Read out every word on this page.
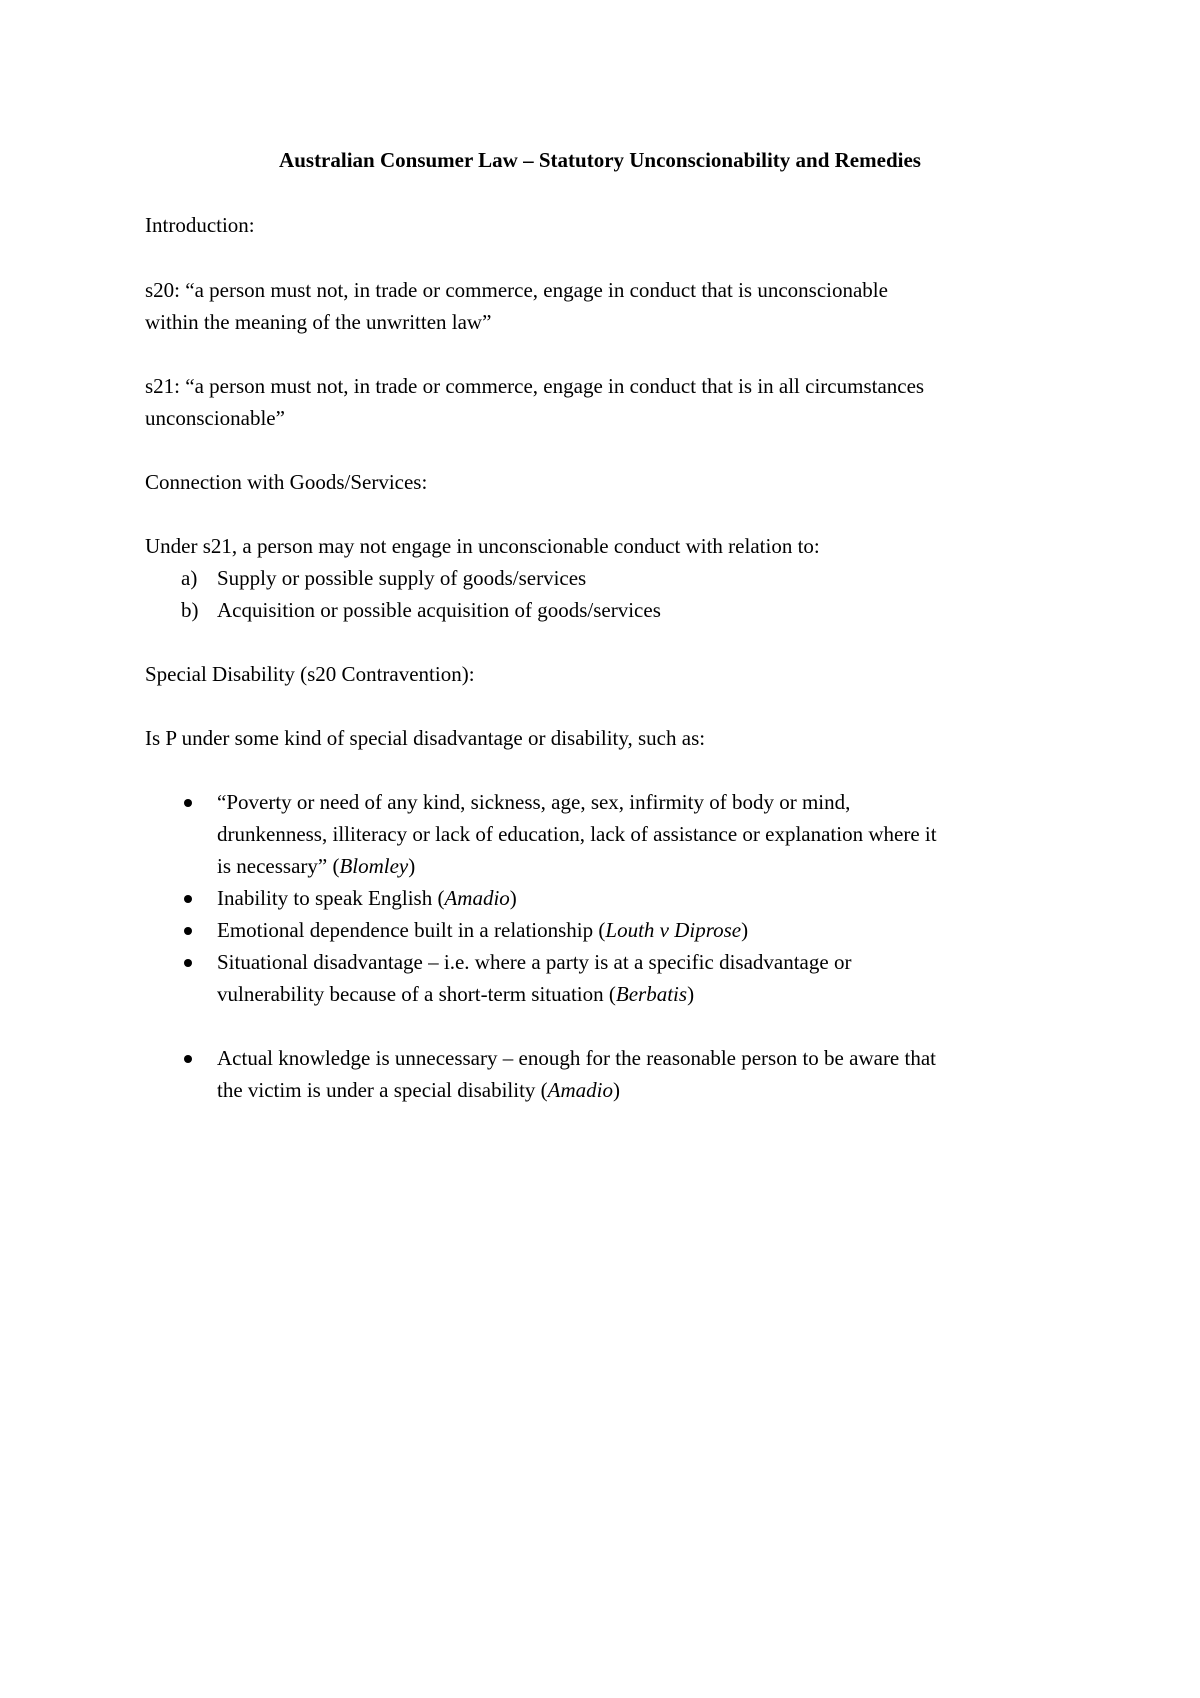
Australian Consumer Law – Statutory Unconscionability and Remedies
Introduction:
s20: “a person must not, in trade or commerce, engage in conduct that is unconscionable
within the meaning of the unwritten law”
s21: “a person must not, in trade or commerce, engage in conduct that is in all circumstances
unconscionable”
Connection with Goods/Services:
Under s21, a person may not engage in unconscionable conduct with relation to:
a) Supply or possible supply of goods/services
b) Acquisition or possible acquisition of goods/services
Special Disability (s20 Contravention):
Is P under some kind of special disadvantage or disability, such as:
“Poverty or need of any kind, sickness, age, sex, infirmity of body or mind,
drunkenness, illiteracy or lack of education, lack of assistance or explanation where it
is necessary” (Blomley)
Inability to speak English (Amadio)
Emotional dependence built in a relationship (Louth v Diprose)
Situational disadvantage – i.e. where a party is at a specific disadvantage or
vulnerability because of a short-term situation (Berbatis)
Actual knowledge is unnecessary – enough for the reasonable person to be aware that
the victim is under a special disability (Amadio)
